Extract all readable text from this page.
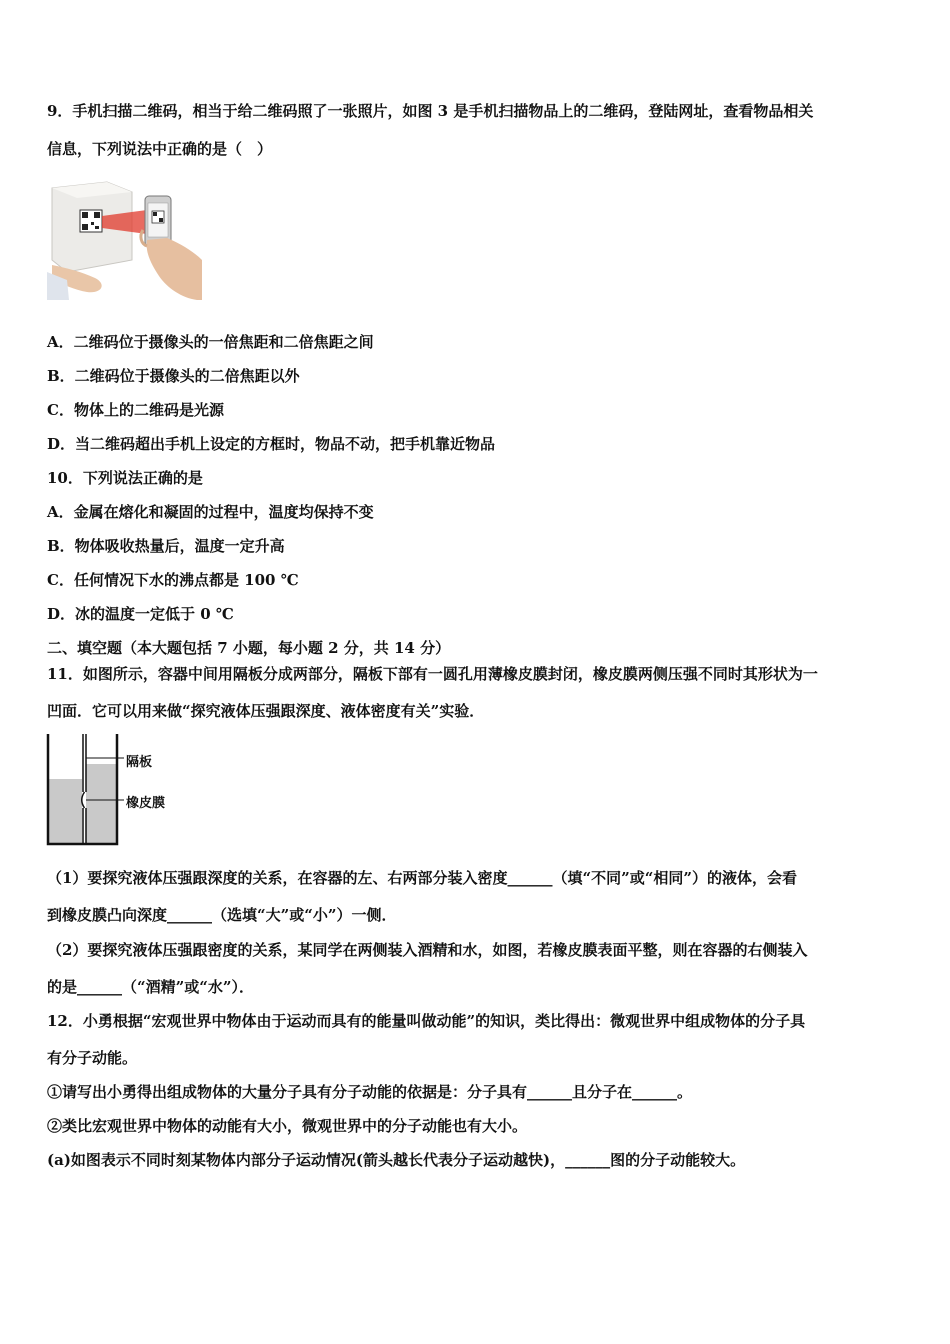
9．手机扫描二维码，相当于给二维码照了一张照片，如图 3 是手机扫描物品上的二维码，登陆网址，查看物品相关
信息，下列说法中正确的是（　）
A．二维码位于摄像头的一倍焦距和二倍焦距之间
B．二维码位于摄像头的二倍焦距以外
C．物体上的二维码是光源
D．当二维码超出手机上设定的方框时，物品不动，把手机靠近物品
10．下列说法正确的是
A．金属在熔化和凝固的过程中，温度均保持不变
B．物体吸收热量后，温度一定升高
C．任何情况下水的沸点都是 100 ℃
D．冰的温度一定低于 0 ℃
二、填空题（本大题包括 7 小题，每小题 2 分，共 14 分）
11．如图所示，容器中间用隔板分成两部分，隔板下部有一圆孔用薄橡皮膜封闭，橡皮膜两侧压强不同时其形状为一
凹面．它可以用来做“探究液体压强跟深度、液体密度有关”实验．
隔板
橡皮膜
（1）要探究液体压强跟深度的关系，在容器的左、右两部分装入密度______（填“不同”或“相同”）的液体，会看
到橡皮膜凸向深度______（选填“大”或“小”）一侧．
（2）要探究液体压强跟密度的关系，某同学在两侧装入酒精和水，如图，若橡皮膜表面平整，则在容器的右侧装入
的是______（“酒精”或“水”）．
12．小勇根据“宏观世界中物体由于运动而具有的能量叫做动能”的知识，类比得出：微观世界中组成物体的分子具
有分子动能。
①请写出小勇得出组成物体的大量分子具有分子动能的依据是：分子具有______且分子在______。
②类比宏观世界中物体的动能有大小，微观世界中的分子动能也有大小。
(a)如图表示不同时刻某物体内部分子运动情况(箭头越长代表分子运动越快)，______图的分子动能较大。
